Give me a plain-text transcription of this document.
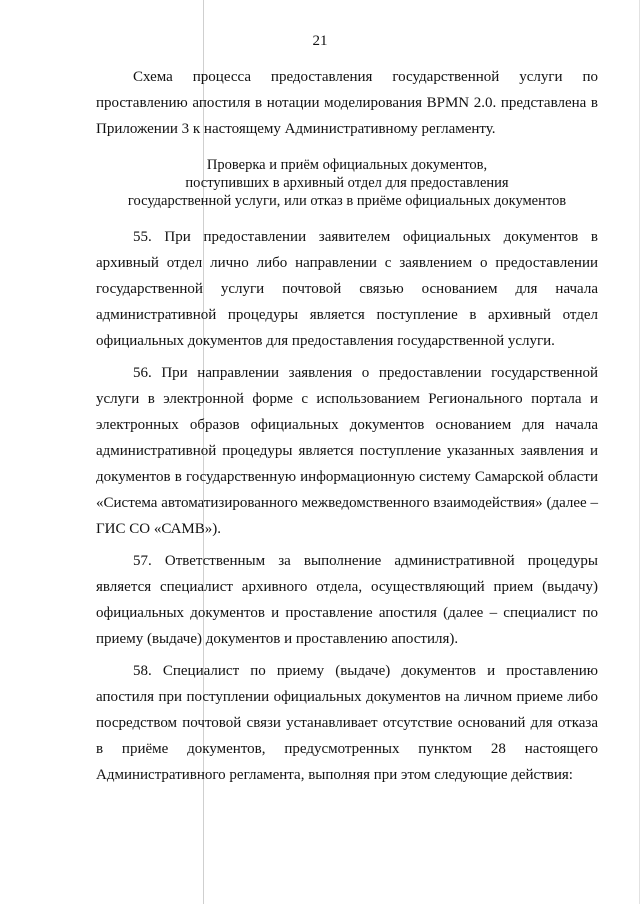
21

Схема процесса предоставления государственной услуги по проставлению апостиля в нотации моделирования BPMN 2.0. представлена в Приложении 3 к настоящему Административному регламенту.

Проверка и приём официальных документов,
поступивших в архивный отдел для предоставления
государственной услуги, или отказ в приёме официальных документов

55. При предоставлении заявителем официальных документов в архивный отдел лично либо направлении с заявлением о предоставлении государственной услуги почтовой связью основанием для начала административной процедуры является поступление в архивный отдел официальных документов для предоставления государственной услуги.

56. При направлении заявления о предоставлении государственной услуги в электронной форме с использованием Регионального портала и электронных образов официальных документов основанием для начала административной процедуры является поступление указанных заявления и документов в государственную информационную систему Самарской области «Система автоматизированного межведомственного взаимодействия» (далее – ГИС СО «САМВ»).

57. Ответственным за выполнение административной процедуры является специалист архивного отдела, осуществляющий прием (выдачу) официальных документов и проставление апостиля (далее – специалист по приему (выдаче) документов и проставлению апостиля).

58. Специалист по приему (выдаче) документов и проставлению апостиля при поступлении официальных документов на личном приеме либо посредством почтовой связи устанавливает отсутствие оснований для отказа в приёме документов, предусмотренных пунктом 28 настоящего Административного регламента, выполняя при этом следующие действия:
